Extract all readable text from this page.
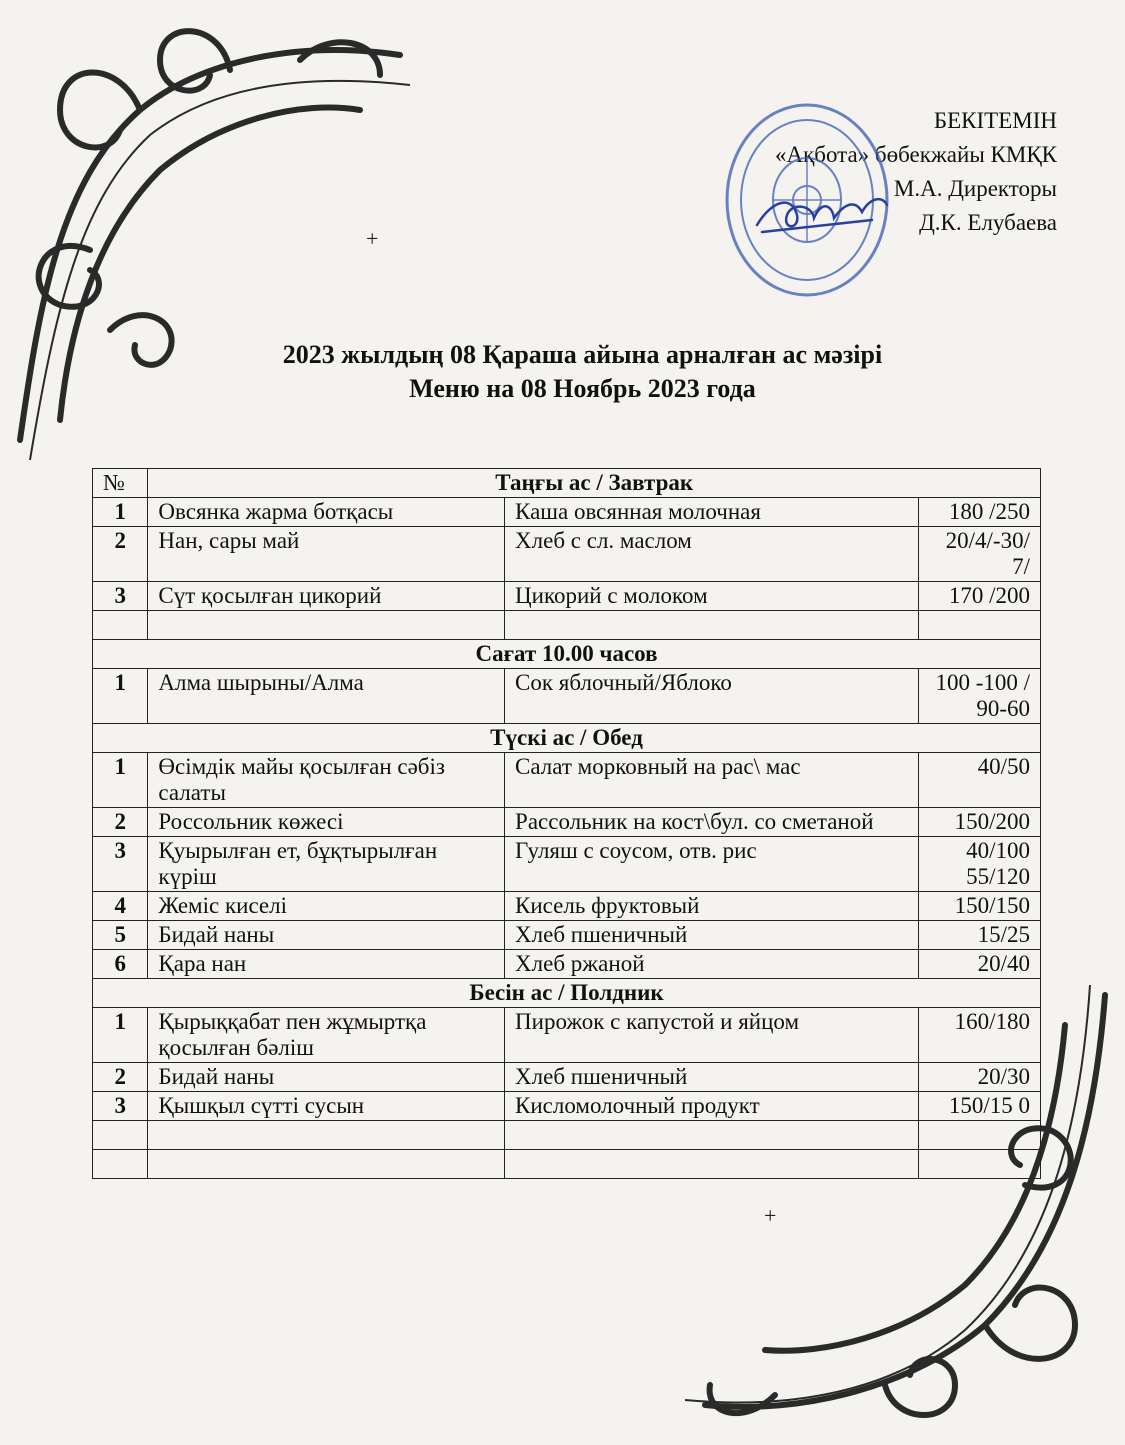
БЕКІТЕМІН
«Ақбота» бөбекжайы КМҚК
М.А. Директоры
Д.К. Елубаева
+
+
2023 жылдың 08 Қараша айына арналған ас мәзірі
Меню на 08 Ноябрь 2023 года
№	Таңғы ас / Завтрак		
1	Овсянка жарма ботқасы	Каша овсянная молочная	180 /250
2	Нан, сары май	Хлеб с сл. маслом	20/4/-30/7/
3	Сүт қосылған цикорий	Цикорий с молоком	170 /200

Сағат 10.00 часов			
1	Алма шырыны/Алма	Сок яблочный/Яблоко	100 -100 / 90-60
Түскі ас / Обед			
1	Өсімдік майы қосылған сәбіз салаты	Салат морковный на рас\ мас	40/50
2	Россольник көжесі	Рассольник на кост\бул. со сметаной	150/200
3	Қуырылған ет, бұқтырылған күріш	Гуляш с соусом, отв. рис	40/100 55/120
4	Жеміс киселі	Кисель фруктовый	150/150
5	Бидай наны	Хлеб пшеничный	15/25
6	Қара нан	Хлеб ржаной	20/40
Бесін ас / Полдник			
1	Қырыққабат пен жұмыртқа қосылған бәліш	Пирожок с капустой и яйцом	160/180
2	Бидай наны	Хлеб пшеничный	20/30
3	Қышқыл сүтті сусын	Кисломолочный продукт	150/15 0
